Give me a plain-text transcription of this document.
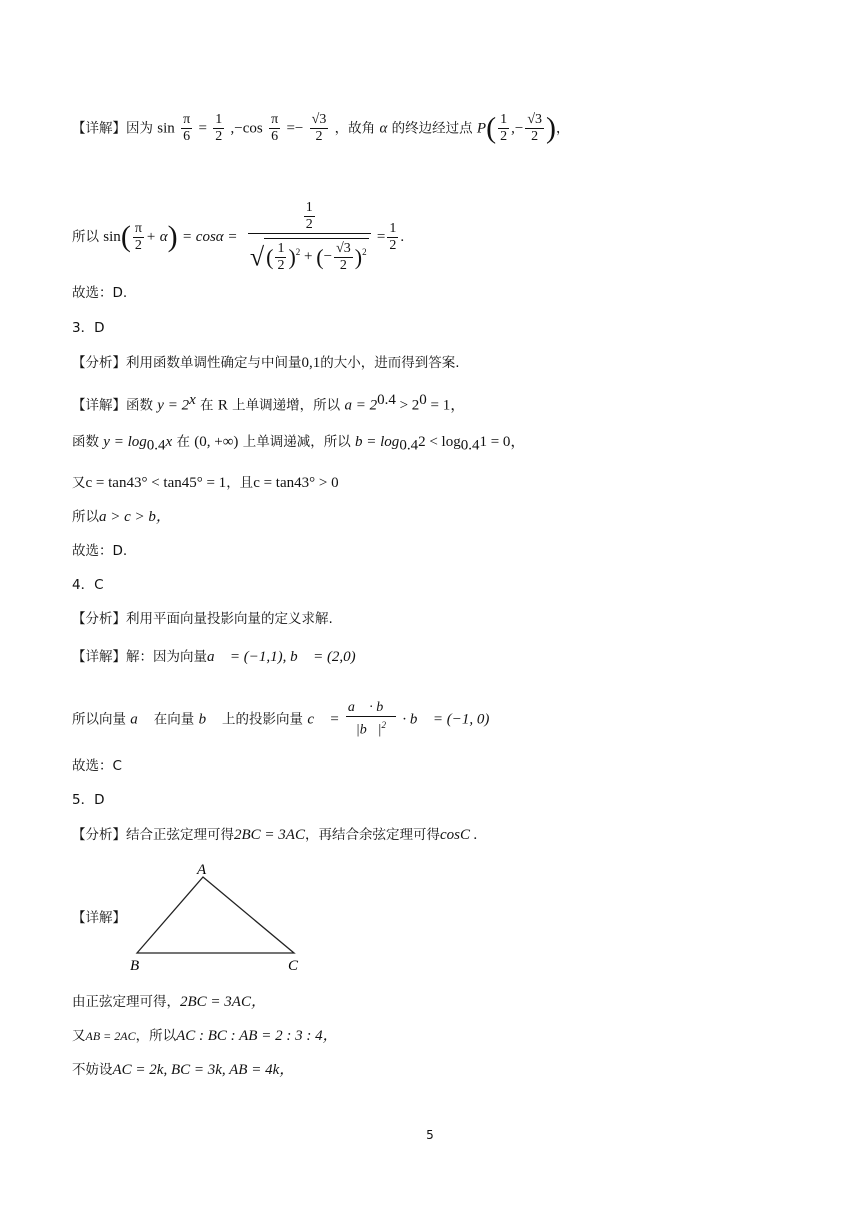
【详解】因为 $\sin \frac{\pi}{6} = \frac{1}{2} ,-\cos \frac{\pi}{6} =- \frac{√3}{2}$ ，故角 α 的终边经过点 $P( \frac{1}{2}$ ,− $\frac{√3}{2}$ )，
所以 $\sin( \frac{\pi}{2} + \alpha) = \cos\alpha = \frac{\frac{1}{2}}{√( \frac{1}{2} )^2 + (- \frac{√3}{2} )^2} = \frac{1}{2}$ .
故选：D.
3．D
【分析】利用函数单调性确定与中间量0,1的大小，进而得到答案.
【详解】函数 $y = 2^x$ 在 R 上单调递增，所以 $a = 2^{0.4} > 2^0 = 1$，
函数 $y = \log_{0.4}x$ 在 (0, +∞) 上单调递减，所以 $b = \log_{0.4}2 < \log_{0.4}1 = 0$，
又c = tan43° < tan45° = 1，且c = tan43° > 0
所以a > c > b，
故选：D.
4．C
【分析】利用平面向量投影向量的定义求解.
【详解】解：因为向量a⃗ = (−1,1), b⃗ = (2,0)，
所以向量 a⃗ 在向量 b⃗ 上的投影向量 c⃗ = $\frac{a⃗ \cdot b⃗}{|b⃗|^2}$ · b⃗ = (−1, 0)，
故选：C
5．D
【分析】结合正弦定理可得2BC = 3AC，再结合余弦定理可得cosC .
【详解】
A
B	C
由正弦定理可得，2BC = 3AC，
又AB = 2AC，所以AC : BC : AB = 2 : 3 : 4，
不妨设AC = 2k, BC = 3k, AB = 4k，
5
